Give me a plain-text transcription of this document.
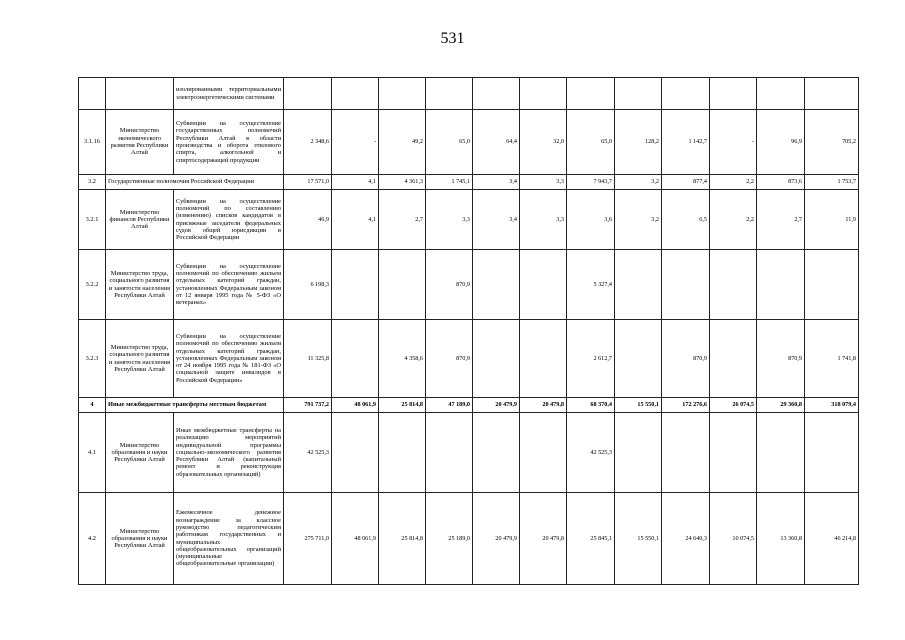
531
		изолированными территориальными электроэнергетическими системами												
3.1.16	Министерство экономического развития Республики Алтай	Субвенции на осуществление государственных полномочий Республики Алтай в области производства и оборота этилового спирта, алкогольной и спиртосодержащей продукции	2 348,6	-	49,2	65,0	64,4	32,0	65,0	128,2	1 142,7	-	96,9	705,2
3.2	Государственные полномочия Российской Федерации		17 571,0	4,1	4 361,3	1 745,1	3,4	3,3	7 943,7	3,2	877,4	2,2	873,6	1 753,7
3.2.1	Министерство финансов Республики Алтай	Субвенции на осуществление полномочий по составлению (изменению) списков кандидатов в присяжные заседатели федеральных судов общей юрисдикции в Российской Федерации	46,9	4,1	2,7	3,3	3,4	3,3	3,6	3,2	6,5	2,2	2,7	11,9
3.2.2	Министерство труда, социального развития и занятости населения Республики Алтай	Субвенции на осуществление полномочий по обеспечению жильем отдельных категорий граждан, установленных Федеральным законом от 12 января 1995 года № 5-ФЗ «О ветеранах»	6 198,3			870,9			5 327,4					
3.2.3	Министерство труда, социального развития и занятости населения Республики Алтай	Субвенции на осуществление полномочий по обеспечению жильем отдельных категорий граждан, установленных Федеральным законом от 24 ноября 1995 года № 181-ФЗ «О социальной защите инвалидов в Российской Федерации»	11 325,8		4 358,6	870,9			2 612,7		870,9		870,9	1 741,8
4	Иные межбюджетные трансферты местным бюджетам		791 737,2	48 061,9	25 814,8	47 189,0	20 479,9	20 479,8	68 370,4	15 550,1	172 276,6	26 074,5	29 360,8	318 079,4
4.1	Министерство образования и науки Республики Алтай	Иные межбюджетные трансферты на реализацию мероприятий индивидуальной программы социально-экономического развития Республики Алтай (капитальный ремонт и реконструкция образовательных организаций)	42 525,3						42 525,3					
4.2	Министерство образования и науки Республики Алтай	Ежемесячное денежное вознаграждение за классное руководство педагогическим работникам государственных и муниципальных общеобразовательных организаций (муниципальные общеобразовательные организации)	275 711,0	48 061,9	25 814,8	25 189,0	20 479,9	20 479,8	25 845,1	15 550,1	24 640,3	10 074,5	13 360,8	46 214,8
